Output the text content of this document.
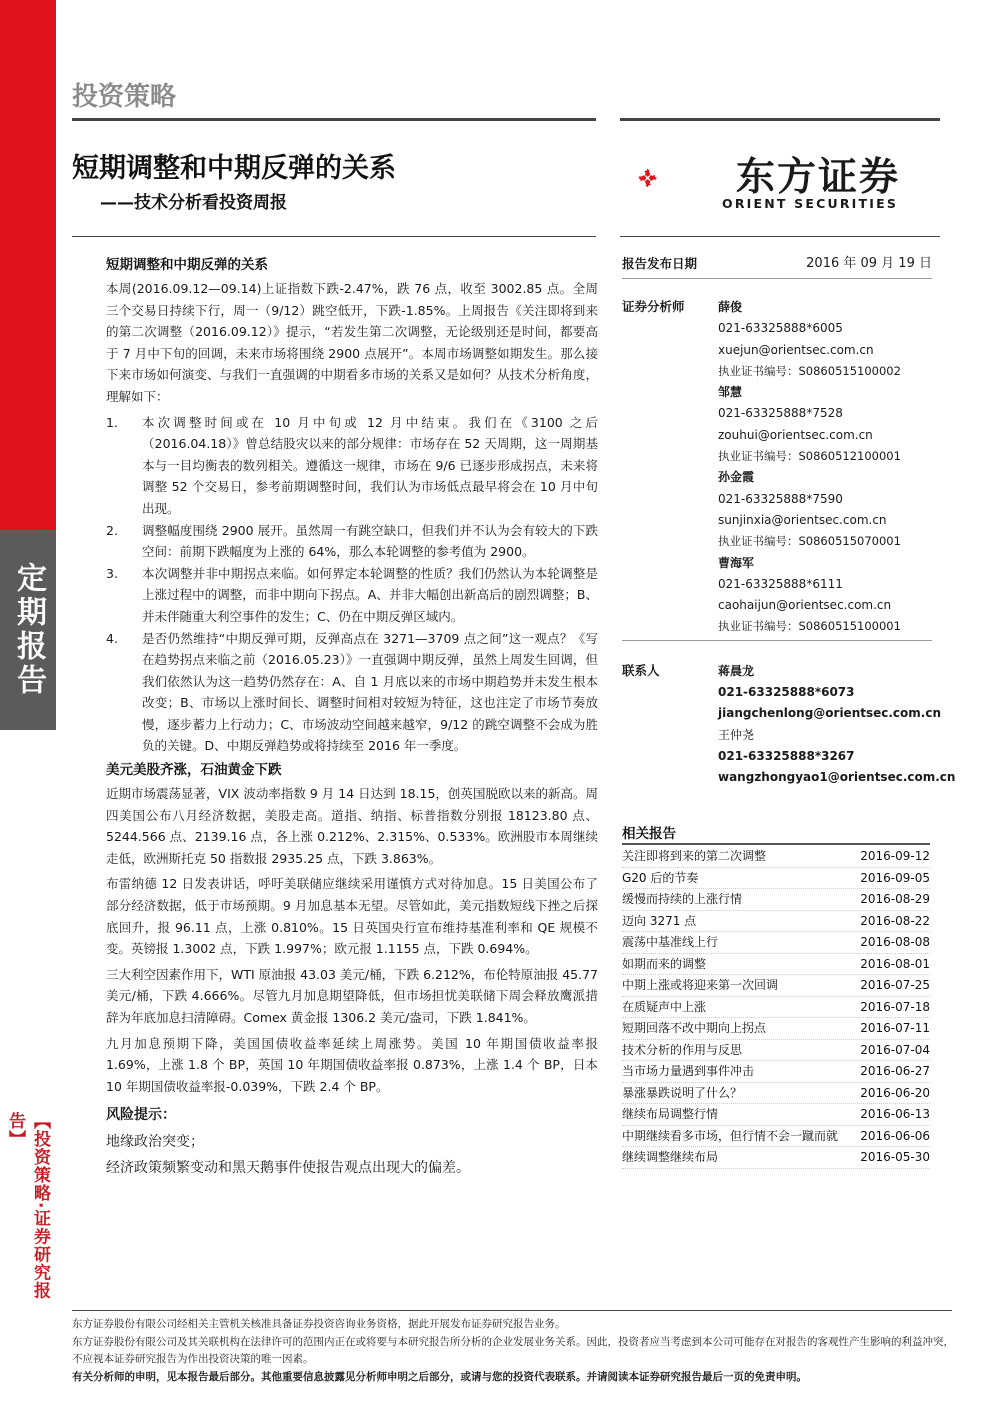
定期报告
【投资策略·证券研究报告】
投资策略
短期调整和中期反弹的关系
——技术分析看投资周报
东方证券
ORIENT SECURITIES
短期调整和中期反弹的关系
本周(2016.09.12—09.14)上证指数下跌-2.47%，跌 76 点，收至 3002.85 点。全周三个交易日持续下行，周一（9/12）跳空低开，下跌-1.85%。上周报告《关注即将到来的第二次调整（2016.09.12）》提示，“若发生第二次调整，无论级别还是时间，都要高于 7 月中下旬的回调，未来市场将围绕 2900 点展开”。本周市场调整如期发生。那么接下来市场如何演变、与我们一直强调的中期看多市场的关系又是如何？从技术分析角度，理解如下：
1.	本次调整时间或在 10 月中旬或 12 月中结束。我们在《3100 之后（2016.04.18）》曾总结股灾以来的部分规律：市场存在 52 天周期，这一周期基本与一目均衡表的数列相关。遵循这一规律，市场在 9/6 已逐步形成拐点，未来将调整 52 个交易日，参考前期调整时间，我们认为市场低点最早将会在 10 月中旬出现。
2.	调整幅度围绕 2900 展开。虽然周一有跳空缺口，但我们并不认为会有较大的下跌空间：前期下跌幅度为上涨的 64%，那么本轮调整的参考值为 2900。
3.	本次调整并非中期拐点来临。如何界定本轮调整的性质？我们仍然认为本轮调整是上涨过程中的调整，而非中期向下拐点。A、并非大幅创出新高后的剧烈调整；B、并未伴随重大利空事件的发生；C、仍在中期反弹区域内。
4.	是否仍然维持“中期反弹可期，反弹高点在 3271—3709 点之间”这一观点？《写在趋势拐点来临之前（2016.05.23）》一直强调中期反弹，虽然上周发生回调，但我们依然认为这一趋势仍然存在：A、自 1 月底以来的市场中期趋势并未发生根本改变；B、市场以上涨时间长、调整时间相对较短为特征，这也注定了市场节奏放慢，逐步蓄力上行动力；C、市场波动空间越来越窄，9/12 的跳空调整不会成为胜负的关键。D、中期反弹趋势或将持续至 2016 年一季度。
美元美股齐涨，石油黄金下跌
近期市场震荡显著，VIX 波动率指数 9 月 14 日达到 18.15，创英国脱欧以来的新高。周四美国公布八月经济数据，美股走高。道指、纳指、标普指数分别报 18123.80 点、5244.566 点、2139.16 点，各上涨 0.212%、2.315%、0.533%。欧洲股市本周继续走低，欧洲斯托克 50 指数报 2935.25 点，下跌 3.863%。
布雷纳德 12 日发表讲话，呼吁美联储应继续采用谨慎方式对待加息。15 日美国公布了部分经济数据，低于市场预期。9 月加息基本无望。尽管如此，美元指数短线下挫之后探底回升，报 96.11 点，上涨 0.810%。15 日英国央行宣布维持基准利率和 QE 规模不变。英镑报 1.3002 点，下跌 1.997%；欧元报 1.1155 点，下跌 0.694%。
三大利空因素作用下，WTI 原油报 43.03 美元/桶，下跌 6.212%，布伦特原油报 45.77 美元/桶，下跌 4.666%。尽管九月加息期望降低，但市场担忧美联储下周会释放鹰派措辞为年底加息扫清障碍。Comex 黄金报 1306.2 美元/盎司，下跌 1.841%。
九月加息预期下降，美国国债收益率延续上周涨势。美国 10 年期国债收益率报 1.69%，上涨 1.8 个 BP，英国 10 年期国债收益率报 0.873%，上涨 1.4 个 BP，日本 10 年期国债收益率报-0.039%，下跌 2.4 个 BP。
风险提示：
地缘政治突变；
经济政策频繁变动和黑天鹅事件使报告观点出现大的偏差。
报告发布日期	2016 年 09 月 19 日
证券分析师	薛俊
021-63325888*6005
xuejun@orientsec.com.cn
执业证书编号：S0860515100002
邹慧
021-63325888*7528
zouhui@orientsec.com.cn
执业证书编号：S0860512100001
孙金霞
021-63325888*7590
sunjinxia@orientsec.com.cn
执业证书编号：S0860515070001
曹海军
021-63325888*6111
caohaijun@orientsec.com.cn
执业证书编号：S0860515100001
联系人	蒋晨龙
021-63325888*6073
jiangchenlong@orientsec.com.cn
王仲尧
021-63325888*3267
wangzhongyao1@orientsec.com.cn
相关报告
关注即将到来的第二次调整	2016-09-12
G20 后的节奏	2016-09-05
缓慢而持续的上涨行情	2016-08-29
迈向 3271 点	2016-08-22
震荡中基准线上行	2016-08-08
如期而来的调整	2016-08-01
中期上涨或将迎来第一次回调	2016-07-25
在质疑声中上涨	2016-07-18
短期回落不改中期向上拐点	2016-07-11
技术分析的作用与反思	2016-07-04
当市场力量遇到事件冲击	2016-06-27
暴涨暴跌说明了什么？	2016-06-20
继续布局调整行情	2016-06-13
中期继续看多市场，但行情不会一蹴而就 2016-06-06
继续调整继续布局	2016-05-30
东方证券股份有限公司经相关主管机关核准具备证券投资咨询业务资格，据此开展发布证券研究报告业务。
东方证券股份有限公司及其关联机构在法律许可的范围内正在或将要与本研究报告所分析的企业发展业务关系。因此，投资者应当考虑到本公司可能存在对报告的客观性产生影响的利益冲突，不应视本证券研究报告为作出投资决策的唯一因素。
有关分析师的申明，见本报告最后部分。其他重要信息披露见分析师申明之后部分，或请与您的投资代表联系。并请阅读本证券研究报告最后一页的免责申明。
